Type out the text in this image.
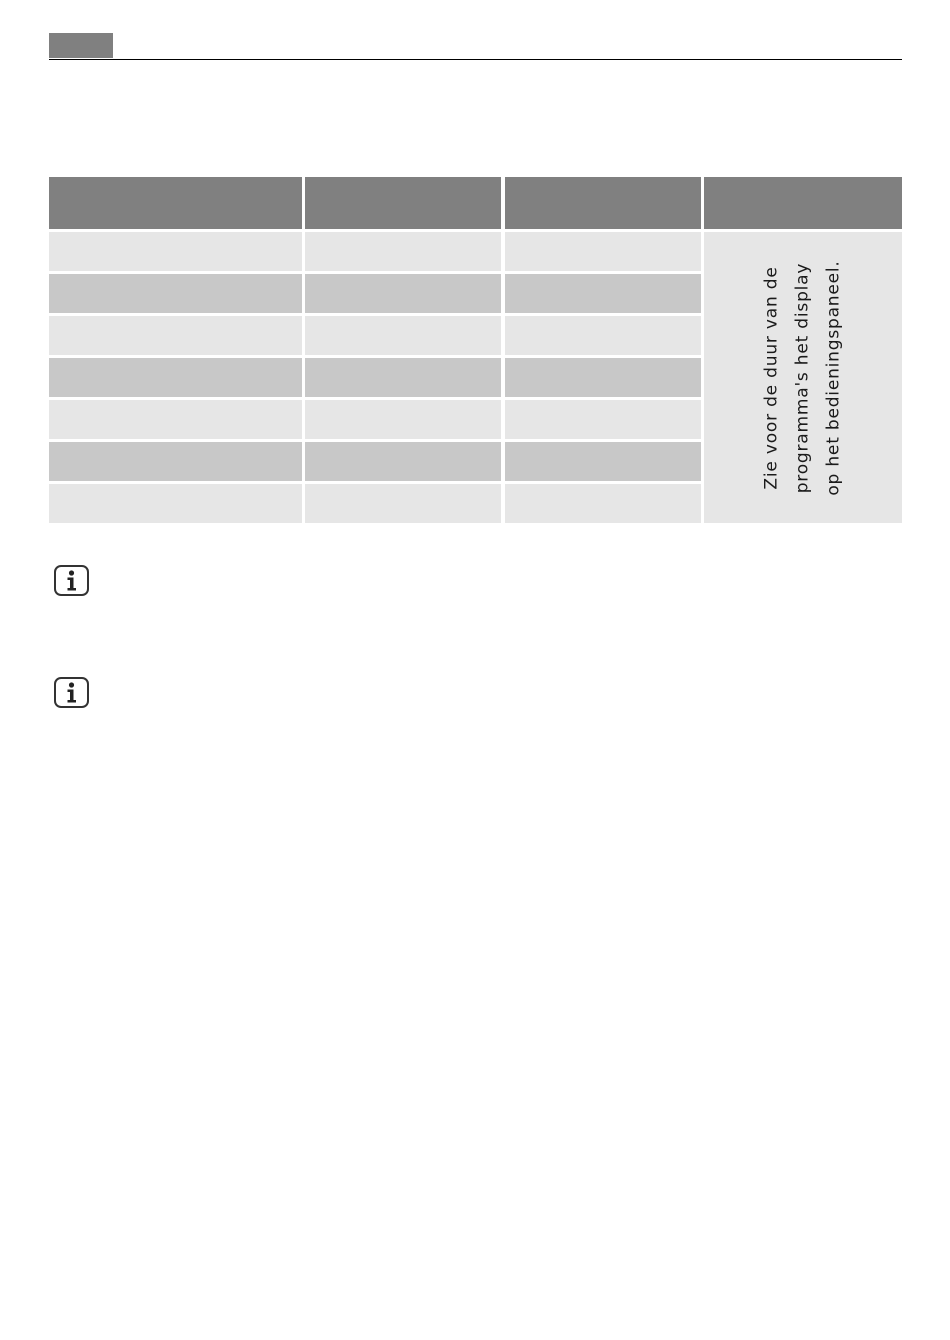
Zie voor de duur van de programma's het display op het bedieningspaneel.
